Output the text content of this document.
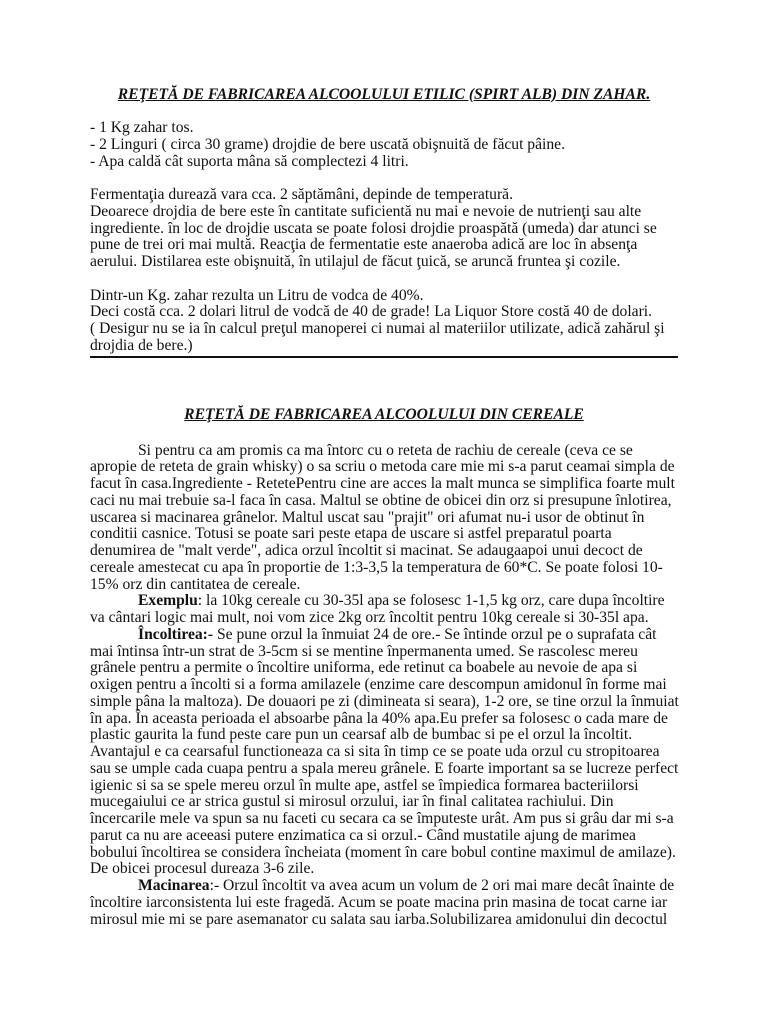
REŢETĂ DE FABRICAREA ALCOOLULUI ETILIC (SPIRT ALB) DIN ZAHAR.
- 1 Kg zahar tos.
- 2 Linguri ( circa 30 grame) drojdie de bere uscată obişnuită de făcut pâine.
- Apa caldă cât suporta mâna să complectezi 4 litri.
Fermentaţia durează vara cca. 2 săptămâni, depinde de temperatură.
Deoarece drojdia de bere este în cantitate suficientă nu mai e nevoie de nutrienţi sau alte
ingrediente. în loc de drojdie uscata se poate folosi drojdie proaspătă (umeda) dar atunci se
pune de trei ori mai multă. Reacţia de fermentatie este anaeroba adică are loc în absenţa
aerului. Distilarea este obişnuită, în utilajul de făcut ţuică, se aruncă fruntea şi cozile.
Dintr-un Kg. zahar rezulta un Litru de vodca de 40%.
Deci costă cca. 2 dolari litrul de vodcă de 40 de grade! La Liquor Store costă 40 de dolari.
( Desigur nu se ia în calcul preţul manoperei ci numai al materiilor utilizate, adică zahărul şi
drojdia de bere.)
REŢETĂ DE FABRICAREA ALCOOLULUI DIN CEREALE
Si pentru ca am promis ca ma întorc cu o reteta de rachiu de cereale (ceva ce se
apropie de reteta de grain whisky) o sa scriu o metoda care mie mi s-a parut ceamai simpla de
facut în casa.Ingrediente - RetetePentru cine are acces la malt munca se simplifica foarte mult
caci nu mai trebuie sa-l faca în casa. Maltul se obtine de obicei din orz si presupune înlotirea,
uscarea si macinarea grânelor. Maltul uscat sau "prajit" ori afumat nu-i usor de obtinut în
conditii casnice. Totusi se poate sari peste etapa de uscare si astfel preparatul poarta
denumirea de "malt verde", adica orzul încoltit si macinat. Se adaugaapoi unui decoct de
cereale amestecat cu apa în proportie de 1:3-3,5 la temperatura de 60*C. Se poate folosi 10-
15% orz din cantitatea de cereale.
Exemplu: la 10kg cereale cu 30-35l apa se folosesc 1-1,5 kg orz, care dupa încoltire
va cântari logic mai mult, noi vom zice 2kg orz încoltit pentru 10kg cereale si 30-35l apa.
Încoltirea:- Se pune orzul la înmuiat 24 de ore.- Se întinde orzul pe o suprafata cât
mai întinsa într-un strat de 3-5cm si se mentine înpermanenta umed. Se rascolesc mereu
grânele pentru a permite o încoltire uniforma, ede retinut ca boabele au nevoie de apa si
oxigen pentru a încolti si a forma amilazele (enzime care descompun amidonul în forme mai
simple pâna la maltoza). De douaori pe zi (dimineata si seara), 1-2 ore, se tine orzul la înmuiat
în apa. În aceasta perioada el absoarbe pâna la 40% apa.Eu prefer sa folosesc o cada mare de
plastic gaurita la fund peste care pun un cearsaf alb de bumbac si pe el orzul la încoltit.
Avantajul e ca cearsaful functioneaza ca si sita în timp ce se poate uda orzul cu stropitoarea
sau se umple cada cuapa pentru a spala mereu grânele. E foarte important sa se lucreze perfect
igienic si sa se spele mereu orzul în multe ape, astfel se împiedica formarea bacteriilorsi
mucegaiului ce ar strica gustul si mirosul orzului, iar în final calitatea rachiului. Din
încercarile mele va spun sa nu faceti cu secara ca se împuteste urât. Am pus si grâu dar mi s-a
parut ca nu are aceeasi putere enzimatica ca si orzul.- Când mustatile ajung de marimea
bobului încoltirea se considera încheiata (moment în care bobul contine maximul de amilaze).
De obicei procesul dureaza 3-6 zile.
Macinarea:- Orzul încoltit va avea acum un volum de 2 ori mai mare decât înainte de
încoltire iarconsistenta lui este fragedă. Acum se poate macina prin masina de tocat carne iar
mirosul mie mi se pare asemanator cu salata sau iarba.Solubilizarea amidonului din decoctul
